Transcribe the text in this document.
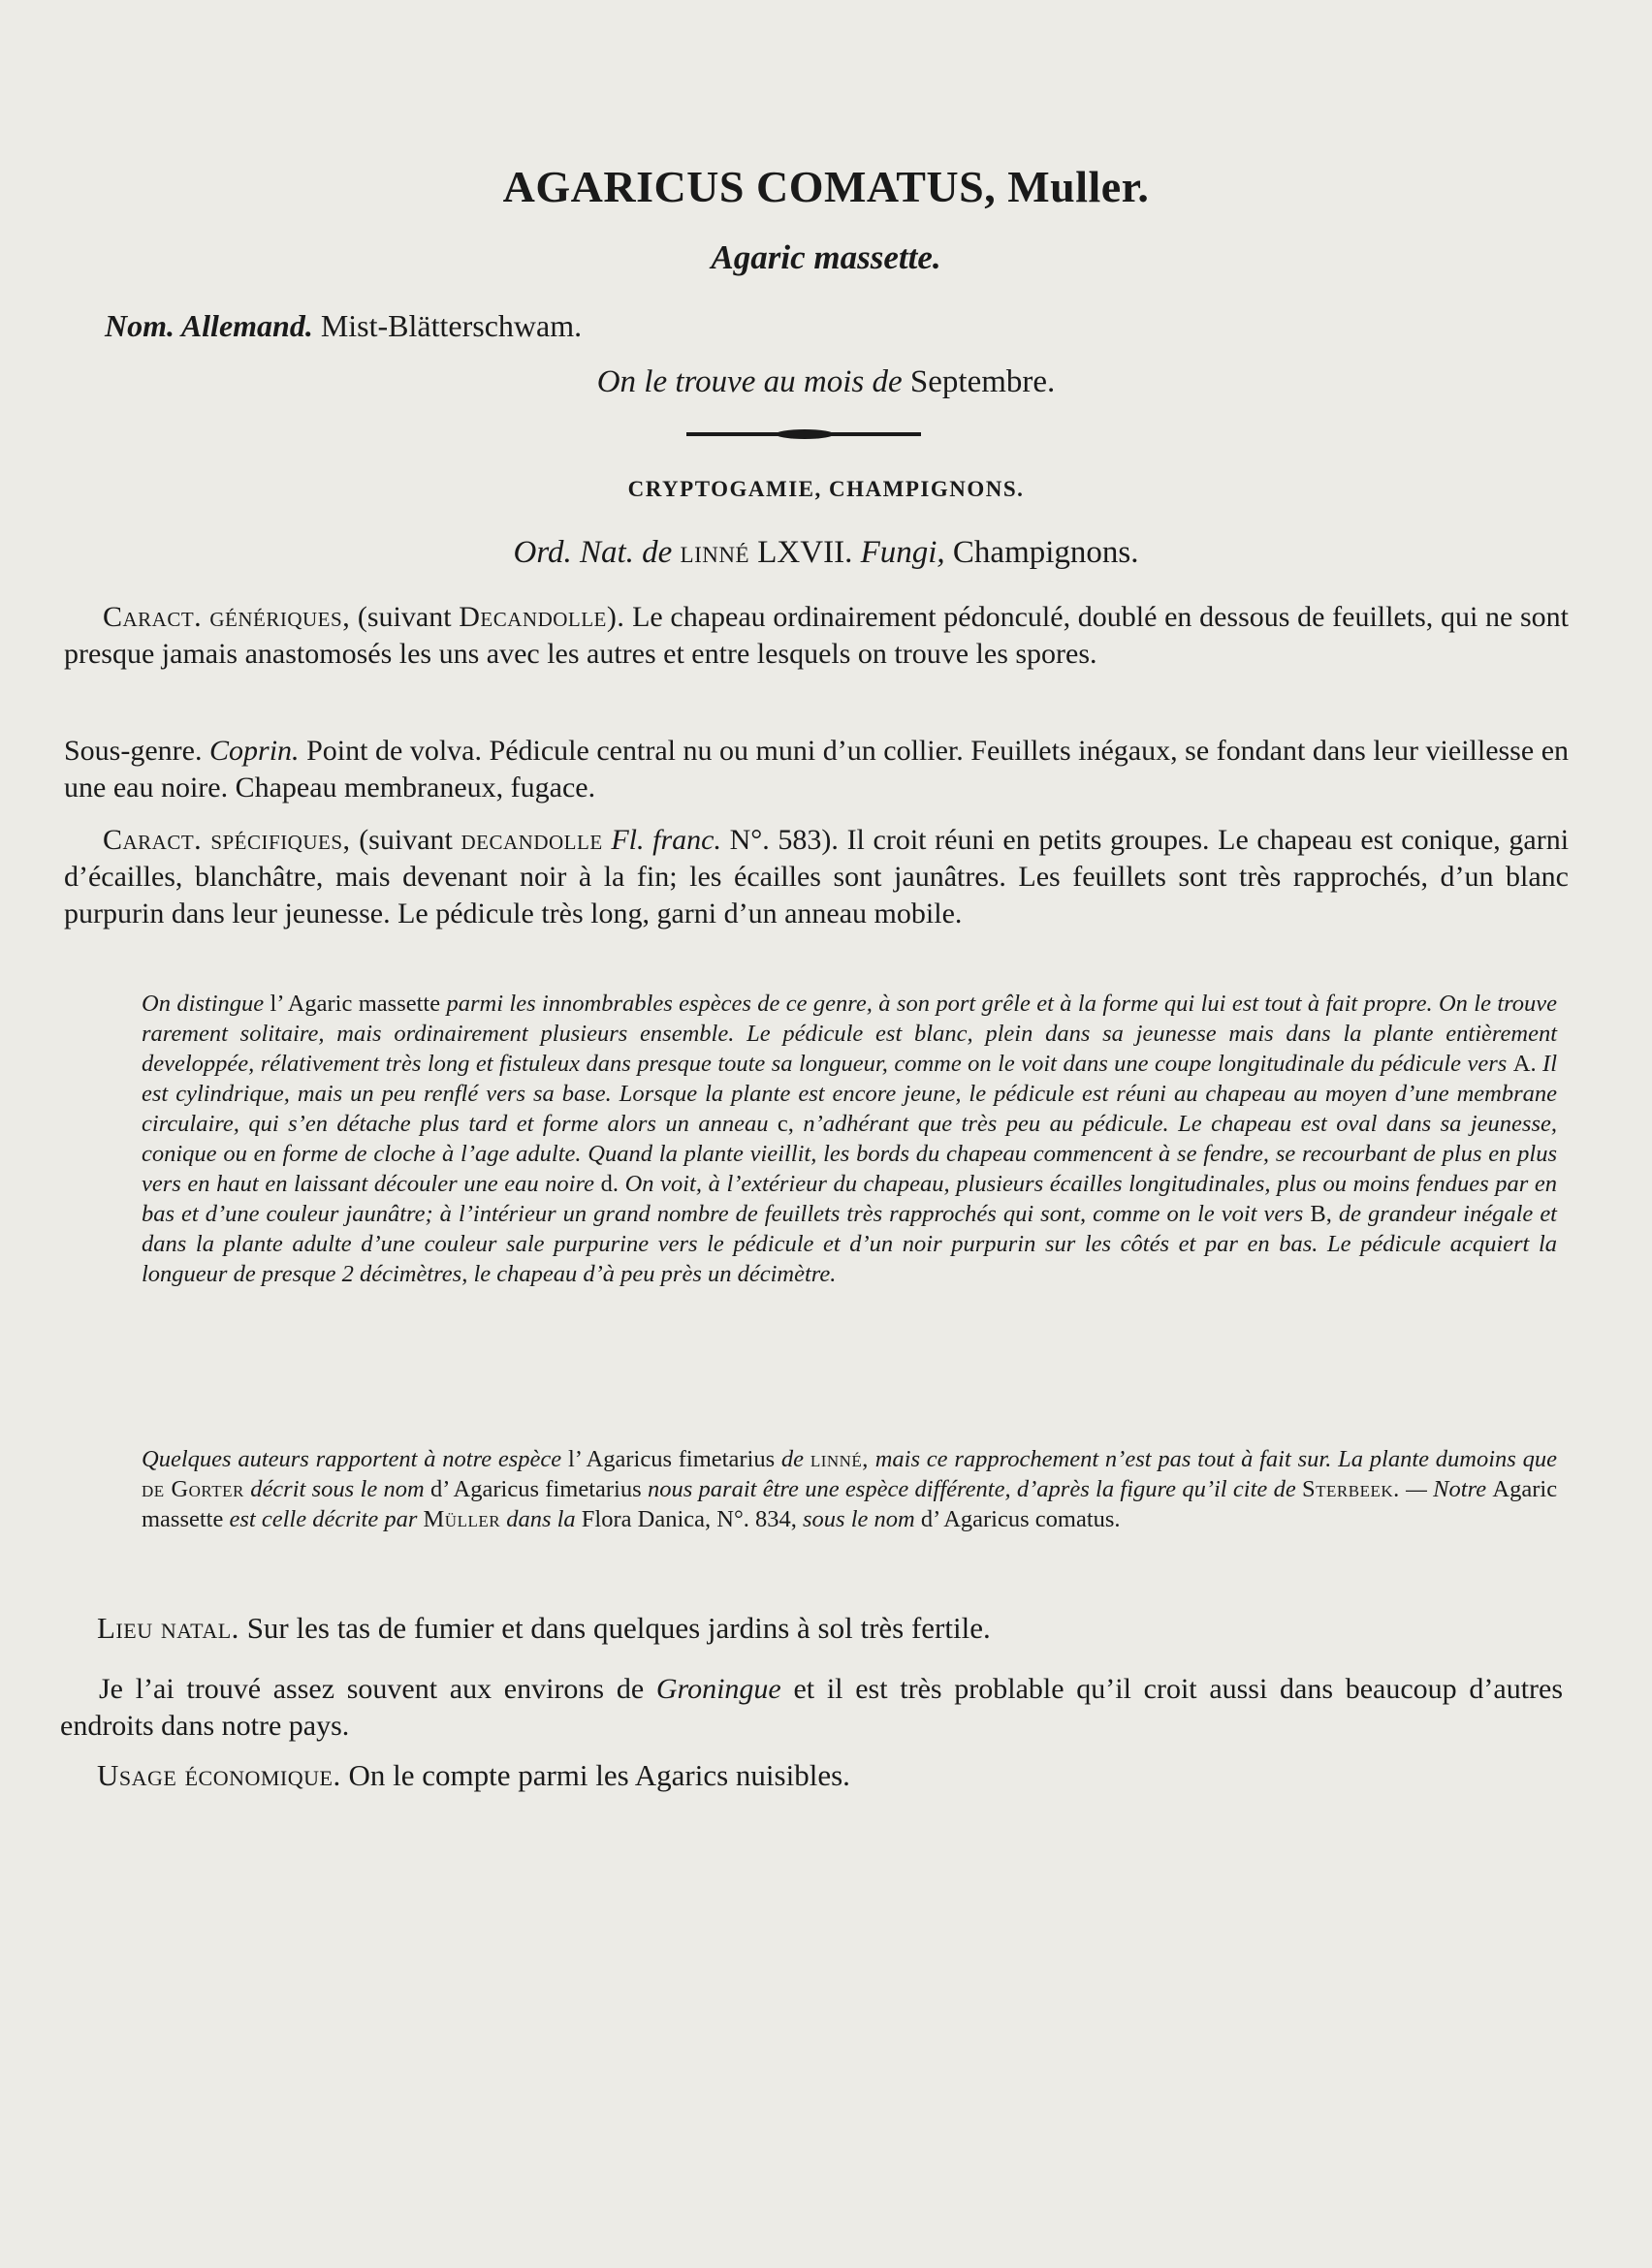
AGARICUS COMATUS, Muller.
Agaric massette.
Nom. Allemand. Mist-Blätterschwam.
On le trouve au mois de Septembre.
CRYPTOGAMIE, CHAMPIGNONS.
Ord. Nat. de linné LXVII. Fungi, Champignons.
Caract. génériques, (suivant Decandolle). Le chapeau ordinairement pédonculé, doublé en dessous de feuillets, qui ne sont presque jamais anastomosés les uns avec les autres et entre lesquels on trouve les spores.
Sous-genre. Coprin. Point de volva. Pédicule central nu ou muni d’un collier. Feuillets inégaux, se fondant dans leur vieillesse en une eau noire. Chapeau membraneux, fugace.
Caract. spécifiques, (suivant decandolle Fl. franc. N°. 583). Il croit réuni en petits groupes. Le chapeau est conique, garni d’écailles, blanchâtre, mais devenant noir à la fin; les écailles sont jaunâtres. Les feuillets sont très rapprochés, d’un blanc purpurin dans leur jeunesse. Le pédicule très long, garni d’un anneau mobile.
On distingue l’ Agaric massette parmi les innombrables espèces de ce genre, à son port grêle et à la forme qui lui est tout à fait propre. On le trouve rarement solitaire, mais ordinairement plusieurs ensemble. Le pédicule est blanc, plein dans sa jeunesse mais dans la plante entièrement developpée, rélativement très long et fistuleux dans presque toute sa longueur, comme on le voit dans une coupe longitudinale du pédicule vers A. Il est cylindrique, mais un peu renflé vers sa base. Lorsque la plante est encore jeune, le pédicule est réuni au chapeau au moyen d’une membrane circulaire, qui s’en détache plus tard et forme alors un anneau c, n’adhérant que très peu au pédicule. Le chapeau est oval dans sa jeunesse, conique ou en forme de cloche à l’age adulte. Quand la plante vieillit, les bords du chapeau commencent à se fendre, se recourbant de plus en plus vers en haut en laissant découler une eau noire d. On voit, à l’extérieur du chapeau, plusieurs écailles longitudinales, plus ou moins fendues par en bas et d’une couleur jaunâtre; à l’intérieur un grand nombre de feuillets très rapprochés qui sont, comme on le voit vers B, de grandeur inégale et dans la plante adulte d’une couleur sale purpurine vers le pédicule et d’un noir purpurin sur les côtés et par en bas. Le pédicule acquiert la longueur de presque 2 décimètres, le chapeau d’à peu près un décimètre.
Quelques auteurs rapportent à notre espèce l’ Agaricus fimetarius de linné, mais ce rapprochement n’est pas tout à fait sur. La plante dumoins que de Gorter décrit sous le nom d’ Agaricus fimetarius nous parait être une espèce différente, d’après la figure qu’il cite de Sterbeek. — Notre Agaric massette est celle décrite par Müller dans la Flora Danica, N°. 834, sous le nom d’ Agaricus comatus.
Lieu natal. Sur les tas de fumier et dans quelques jardins à sol très fertile.
Je l’ai trouvé assez souvent aux environs de Groningue et il est très problable qu’il croit aussi dans beaucoup d’autres endroits dans notre pays.
Usage économique. On le compte parmi les Agarics nuisibles.
